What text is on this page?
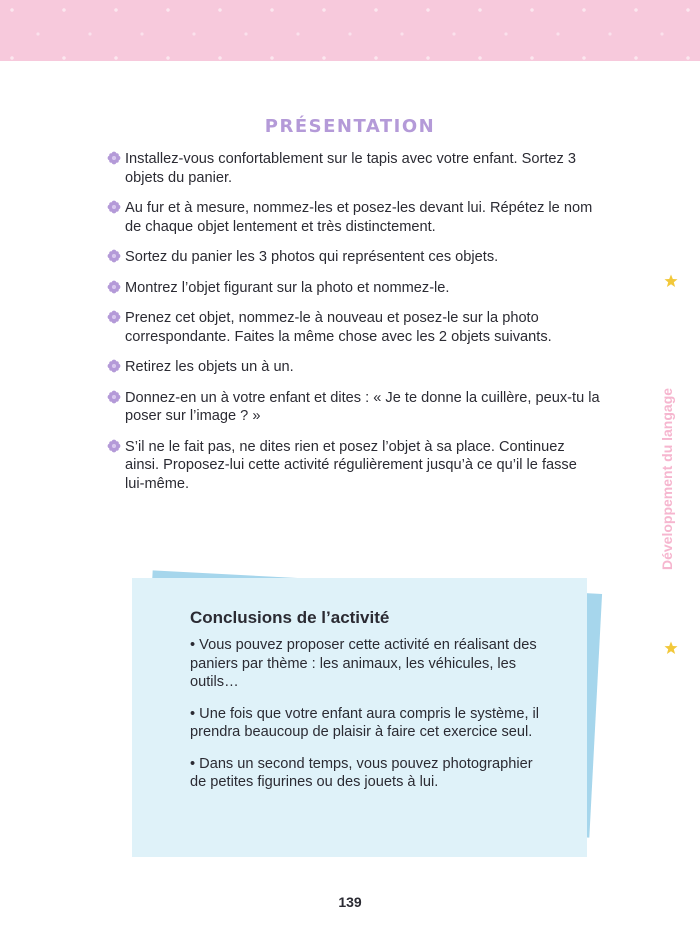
PRÉSENTATION
Installez-vous confortablement sur le tapis avec votre enfant. Sortez 3 objets du panier.
Au fur et à mesure, nommez-les et posez-les devant lui. Répétez le nom de chaque objet lentement et très distinctement.
Sortez du panier les 3 photos qui représentent ces objets.
Montrez l’objet figurant sur la photo et nommez-le.
Prenez cet objet, nommez-le à nouveau et posez-le sur la photo correspondante. Faites la même chose avec les 2 objets suivants.
Retirez les objets un à un.
Donnez-en un à votre enfant et dites : « Je te donne la cuillère, peux-tu la poser sur l’image ? »
S’il ne le fait pas, ne dites rien et posez l’objet à sa place. Continuez ainsi. Proposez-lui cette activité régulièrement jusqu’à ce qu’il le fasse lui-même.	Développement du langage
Conclusions de l’activité
• Vous pouvez proposer cette activité en réalisant des paniers par thème : les animaux, les véhicules, les outils…
• Une fois que votre enfant aura compris le système, il prendra beaucoup de plaisir à faire cet exercice seul.
• Dans un second temps, vous pouvez photographier de petites figurines ou des jouets à lui.
139
